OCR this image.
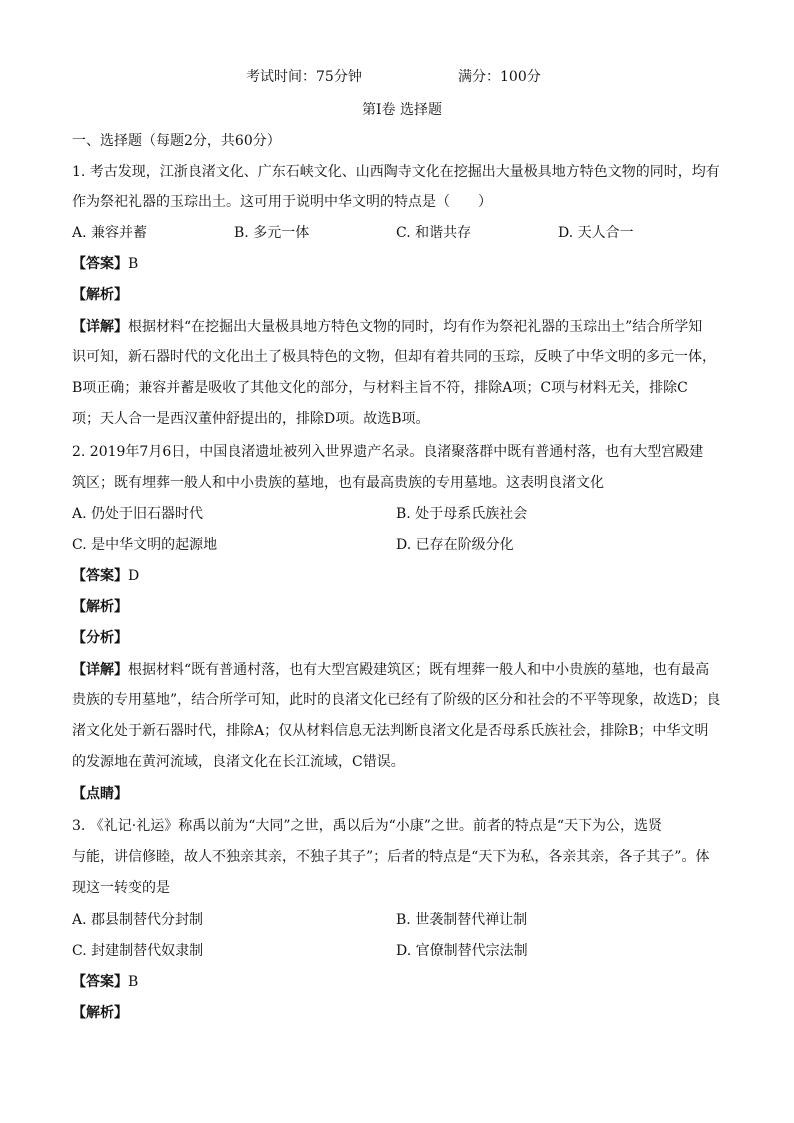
考试时间：75分钟	满分：100分
第Ⅰ卷 选择题
一、选择题（每题2分，共60分）
1. 考古发现，江浙良渚文化、广东石峡文化、山西陶寺文化在挖掘出大量极具地方特色文物的同时，均有
作为祭祀礼器的玉琮出土。这可用于说明中华文明的特点是（　　）
A. 兼容并蓄	B. 多元一体	C. 和谐共存	D. 天人合一
【答案】B
【解析】
【详解】根据材料“在挖掘出大量极具地方特色文物的同时，均有作为祭祀礼器的玉琮出土”结合所学知
识可知，新石器时代的文化出土了极具特色的文物，但却有着共同的玉琮，反映了中华文明的多元一体，
B项正确；兼容并蓄是吸收了其他文化的部分，与材料主旨不符，排除A项；C项与材料无关，排除C
项；天人合一是西汉董仲舒提出的，排除D项。故选B项。
2. 2019年7月6日，中国良渚遗址被列入世界遗产名录。良渚聚落群中既有普通村落，也有大型宫殿建
筑区；既有埋葬一般人和中小贵族的墓地，也有最高贵族的专用墓地。这表明良渚文化
A. 仍处于旧石器时代	B. 处于母系氏族社会
C. 是中华文明的起源地	D. 已存在阶级分化
【答案】D
【解析】
【分析】
【详解】根据材料“既有普通村落，也有大型宫殿建筑区；既有埋葬一般人和中小贵族的墓地，也有最高
贵族的专用墓地”，结合所学可知，此时的良渚文化已经有了阶级的区分和社会的不平等现象，故选D；良
渚文化处于新石器时代，排除A；仅从材料信息无法判断良渚文化是否母系氏族社会，排除B；中华文明
的发源地在黄河流域，良渚文化在长江流域，C错误。
【点睛】
3. 《礼记·礼运》称禹以前为“大同”之世，禹以后为“小康”之世。前者的特点是“天下为公，选贤
与能，讲信修睦，故人不独亲其亲，不独子其子”；后者的特点是“天下为私，各亲其亲，各子其子”。体
现这一转变的是
A. 郡县制替代分封制	B. 世袭制替代禅让制
C. 封建制替代奴隶制	D. 官僚制替代宗法制
【答案】B
【解析】
